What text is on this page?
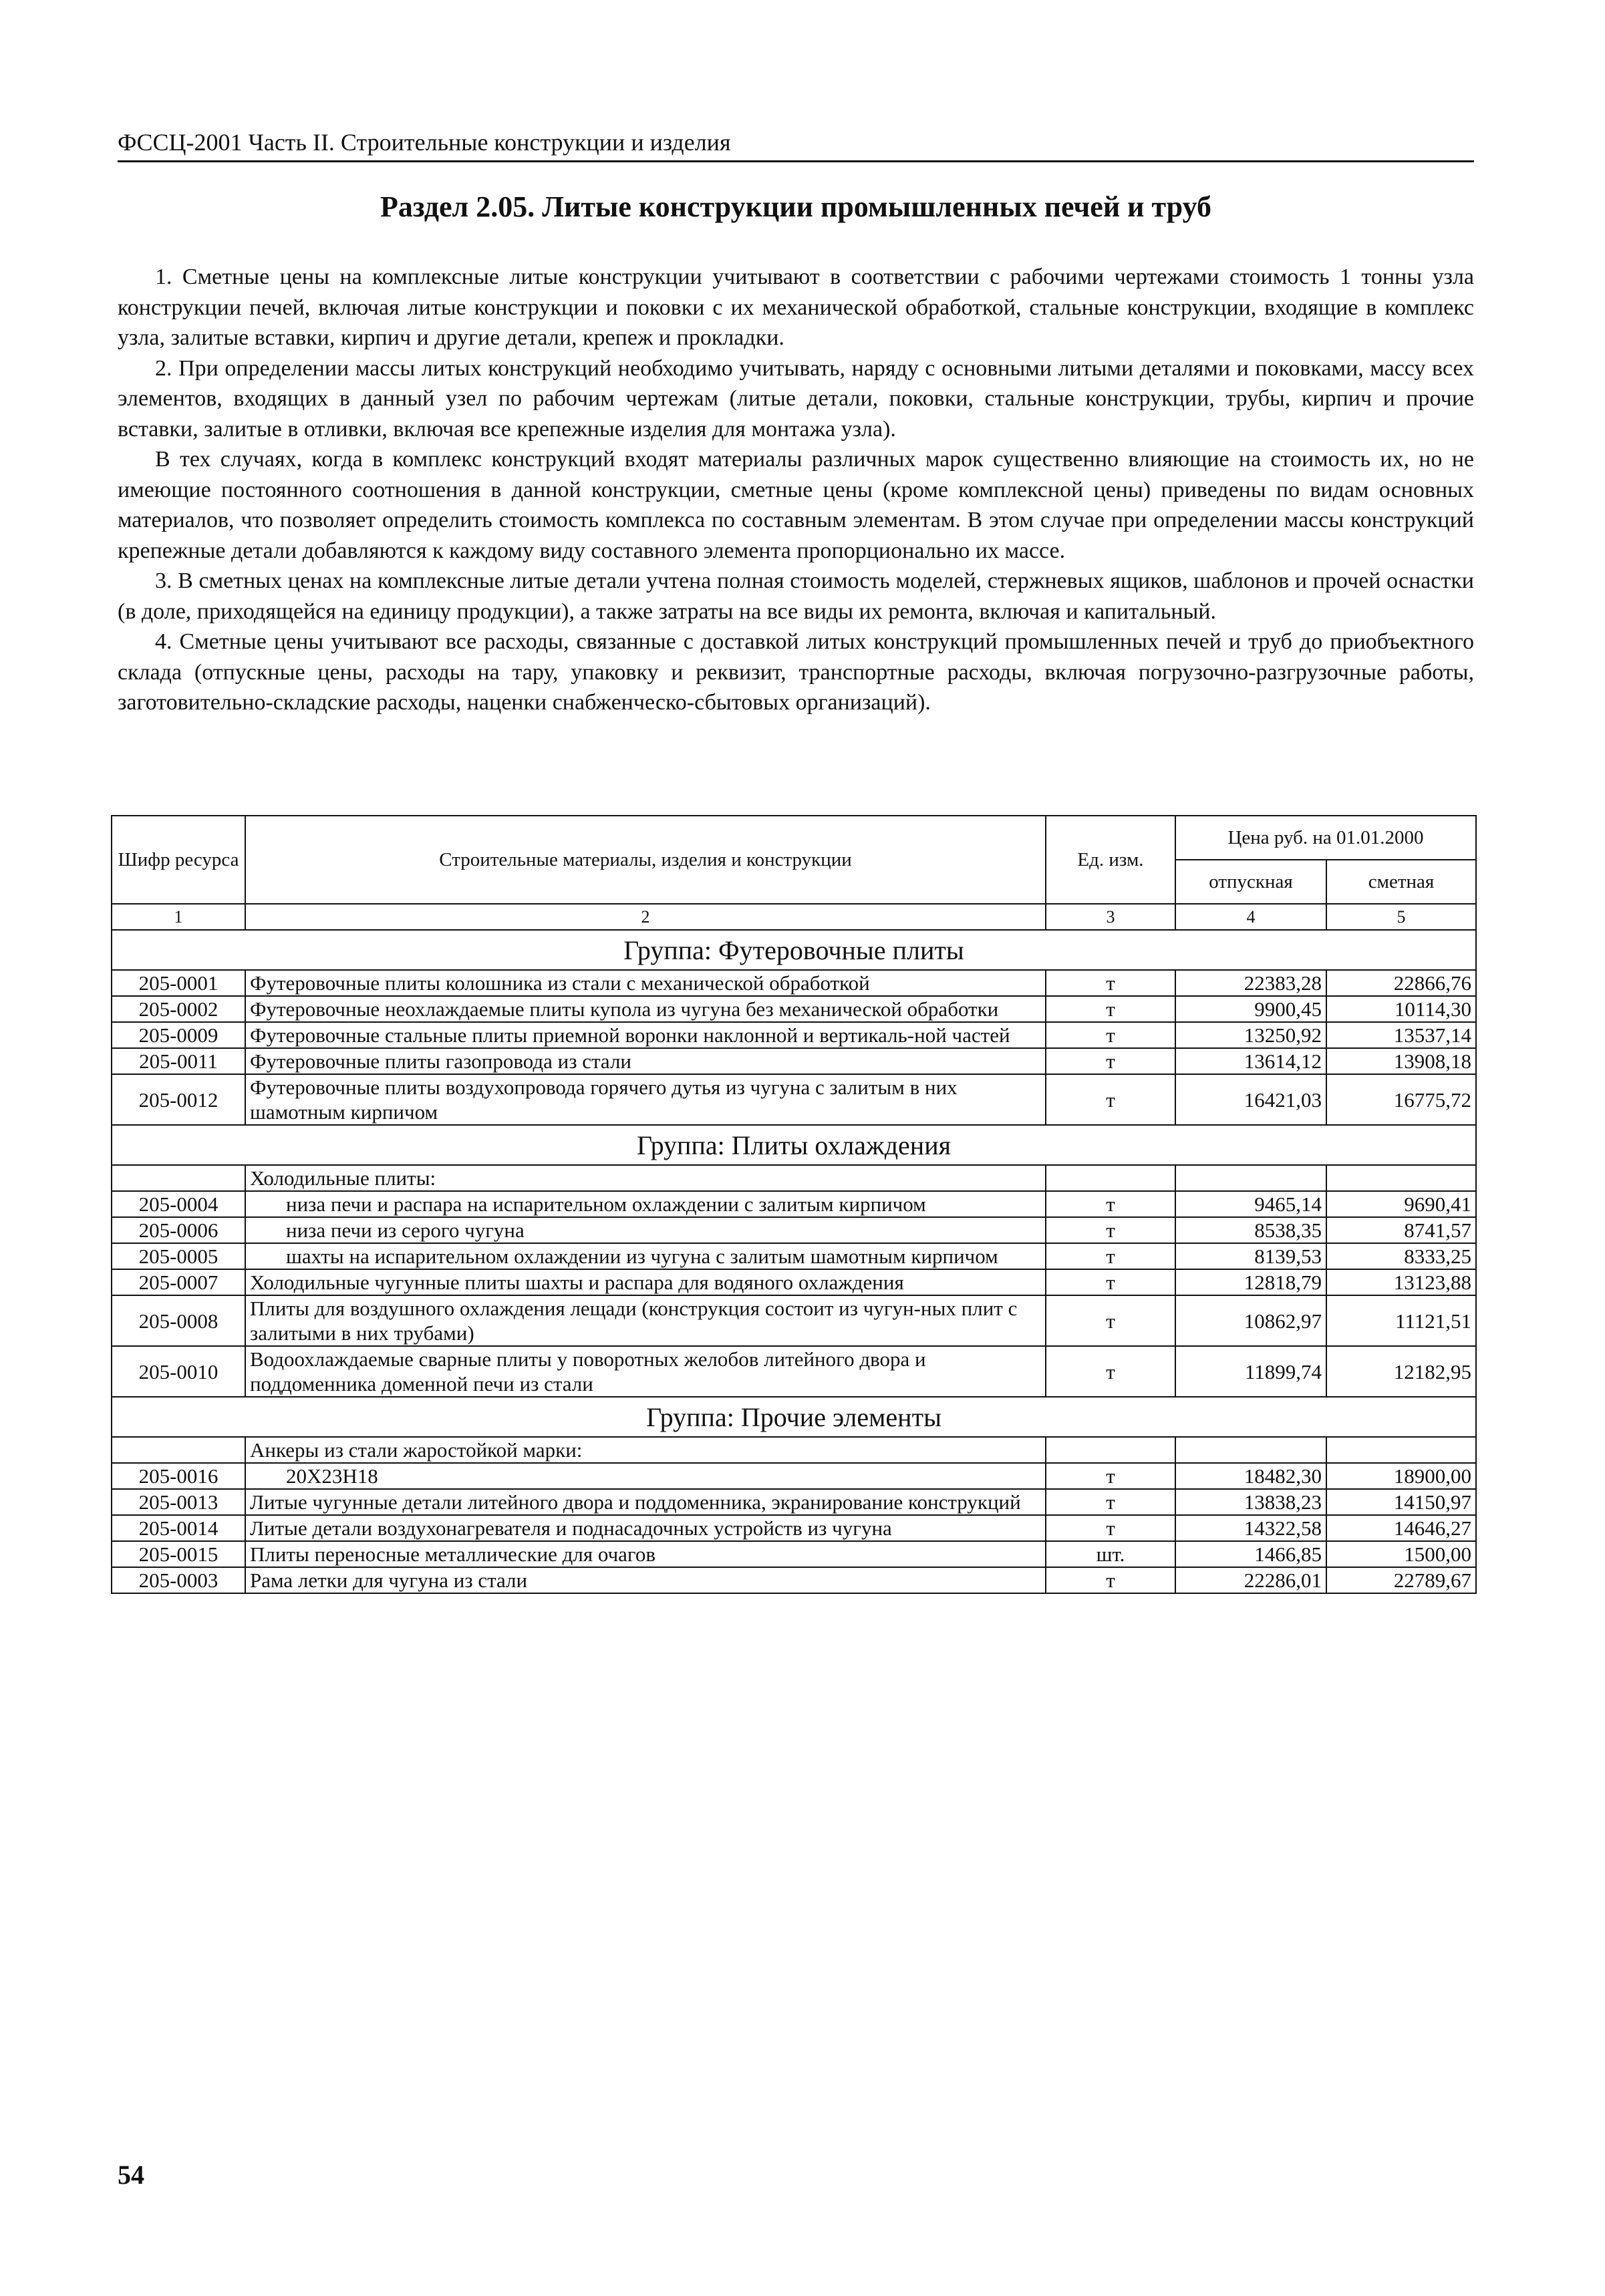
ФССЦ-2001 Часть II. Строительные конструкции и изделия
Раздел 2.05. Литые конструкции промышленных печей и труб

1. Сметные цены на комплексные литые конструкции учитывают в соответствии с рабочими чертежами стоимость 1 тонны узла конструкции печей, включая литые конструкции и поковки с их механической обработкой, стальные конструкции, входящие в комплекс узла, залитые вставки, кирпич и другие детали, крепеж и прокладки.

2. При определении массы литых конструкций необходимо учитывать, наряду с основными литыми деталями и поковками, массу всех элементов, входящих в данный узел по рабочим чертежам (литые детали, поковки, стальные конструкции, трубы, кирпич и прочие вставки, залитые в отливки, включая все крепежные изделия для монтажа узла).

В тех случаях, когда в комплекс конструкций входят материалы различных марок существенно влияющие на стоимость их, но не имеющие постоянного соотношения в данной конструкции, сметные цены (кроме комплексной цены) приведены по видам основных материалов, что позволяет определить стоимость комплекса по составным элементам. В этом случае при определении массы конструкций крепежные детали добавляются к каждому виду составного элемента пропорционально их массе.

3. В сметных ценах на комплексные литые детали учтена полная стоимость моделей, стержневых ящиков, шаблонов и прочей оснастки (в доле, приходящейся на единицу продукции), а также затраты на все виды их ремонта, включая и капитальный.

4. Сметные цены учитывают все расходы, связанные с доставкой литых конструкций промышленных печей и труб до приобъектного склада (отпускные цены, расходы на тару, упаковку и реквизит, транспортные расходы, включая погрузочно-разгрузочные работы, заготовительно-складские расходы, наценки снабженческо-сбытовых организаций).

Шифр ресурса	Строительные материалы, изделия и конструкции	Ед. изм.	Цена руб. на 01.01.2000	
			отпускная	сметная
1	2	3	4	5
Группа: Футеровочные плиты				
205-0001	Футеровочные плиты колошника из стали с механической обработкой	т	22383,28	22866,76
205-0002	Футеровочные неохлаждаемые плиты купола из чугуна без механической обработки	т	9900,45	10114,30
205-0009	Футеровочные стальные плиты приемной воронки наклонной и вертикаль-ной частей	т	13250,92	13537,14
205-0011	Футеровочные плиты газопровода из стали	т	13614,12	13908,18
205-0012	Футеровочные плиты воздухопровода горячего дутья из чугуна с залитым в них шамотным кирпичом	т	16421,03	16775,72
Группа: Плиты охлаждения				
	Холодильные плиты:			
205-0004	низа печи и распара на испарительном охлаждении с залитым кирпичом	т	9465,14	9690,41
205-0006	низа печи из серого чугуна	т	8538,35	8741,57
205-0005	шахты на испарительном охлаждении из чугуна с залитым шамотным кирпичом	т	8139,53	8333,25
205-0007	Холодильные чугунные плиты шахты и распара для водяного охлаждения	т	12818,79	13123,88
205-0008	Плиты для воздушного охлаждения лещади (конструкция состоит из чугун-ных плит с залитыми в них трубами)	т	10862,97	11121,51
205-0010	Водоохлаждаемые сварные плиты у поворотных желобов литейного двора и поддоменника доменной печи из стали	т	11899,74	12182,95
Группа: Прочие элементы				
	Анкеры из стали жаростойкой марки:			
205-0016	20Х23Н18	т	18482,30	18900,00
205-0013	Литые чугунные детали литейного двора и поддоменника, экранирование конструкций	т	13838,23	14150,97
205-0014	Литые детали воздухонагревателя и поднасадочных устройств из чугуна	т	14322,58	14646,27
205-0015	Плиты переносные металлические для очагов	шт.	1466,85	1500,00
205-0003	Рама летки для чугуна из стали	т	22286,01	22789,67
54
